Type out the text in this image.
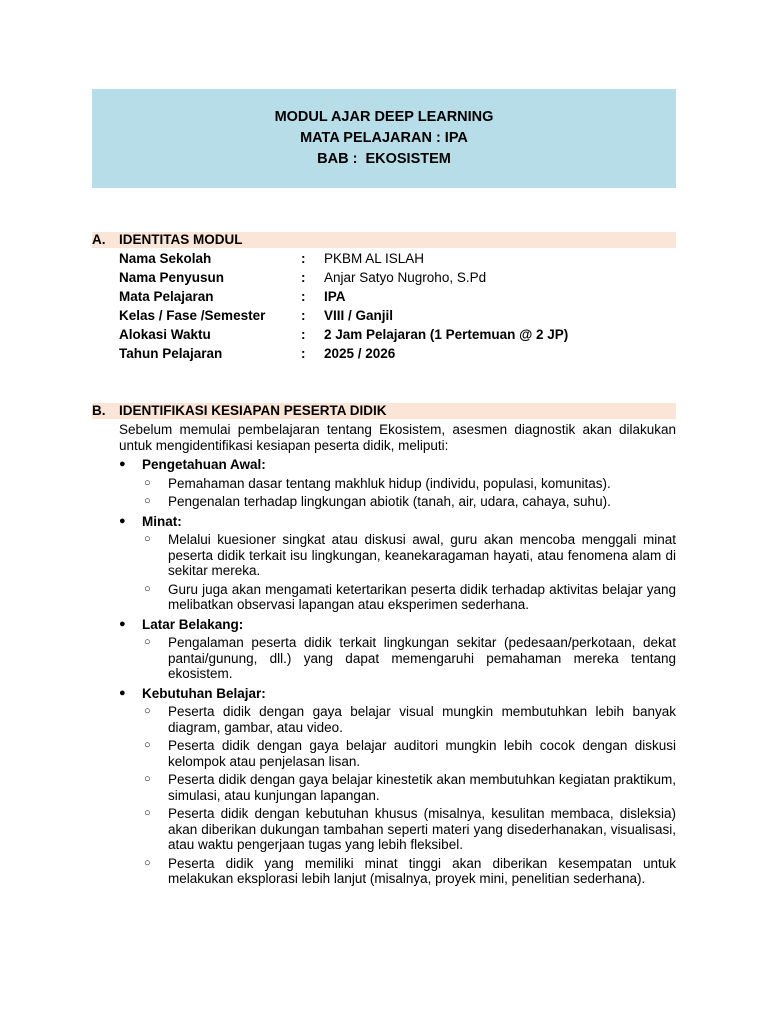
MODUL AJAR DEEP LEARNING
MATA PELAJARAN : IPA
BAB :  EKOSISTEM
A. IDENTITAS MODUL
Nama Sekolah	: PKBM AL ISLAH
Nama Penyusun	: Anjar Satyo Nugroho, S.Pd
Mata Pelajaran	: IPA
Kelas / Fase /Semester	: VIII / Ganjil
Alokasi Waktu	: 2 Jam Pelajaran (1 Pertemuan @ 2 JP)
Tahun Pelajaran	: 2025 / 2026
B. IDENTIFIKASI KESIAPAN PESERTA DIDIK

Sebelum memulai pembelajaran tentang Ekosistem, asesmen diagnostik akan dilakukan untuk mengidentifikasi kesiapan peserta didik, meliputi:

● Pengetahuan Awal:
○ Pemahaman dasar tentang makhluk hidup (individu, populasi, komunitas).
○ Pengenalan terhadap lingkungan abiotik (tanah, air, udara, cahaya, suhu).
● Minat:
○ Melalui kuesioner singkat atau diskusi awal, guru akan mencoba menggali minat peserta didik terkait isu lingkungan, keanekaragaman hayati, atau fenomena alam di sekitar mereka.
○ Guru juga akan mengamati ketertarikan peserta didik terhadap aktivitas belajar yang melibatkan observasi lapangan atau eksperimen sederhana.
● Latar Belakang:
○ Pengalaman peserta didik terkait lingkungan sekitar (pedesaan/perkotaan, dekat pantai/gunung, dll.) yang dapat memengaruhi pemahaman mereka tentang ekosistem.
● Kebutuhan Belajar:
○ Peserta didik dengan gaya belajar visual mungkin membutuhkan lebih banyak diagram, gambar, atau video.
○ Peserta didik dengan gaya belajar auditori mungkin lebih cocok dengan diskusi kelompok atau penjelasan lisan.
○ Peserta didik dengan gaya belajar kinestetik akan membutuhkan kegiatan praktikum, simulasi, atau kunjungan lapangan.
○ Peserta didik dengan kebutuhan khusus (misalnya, kesulitan membaca, disleksia) akan diberikan dukungan tambahan seperti materi yang disederhanakan, visualisasi, atau waktu pengerjaan tugas yang lebih fleksibel.
○ Peserta didik yang memiliki minat tinggi akan diberikan kesempatan untuk melakukan eksplorasi lebih lanjut (misalnya, proyek mini, penelitian sederhana).
